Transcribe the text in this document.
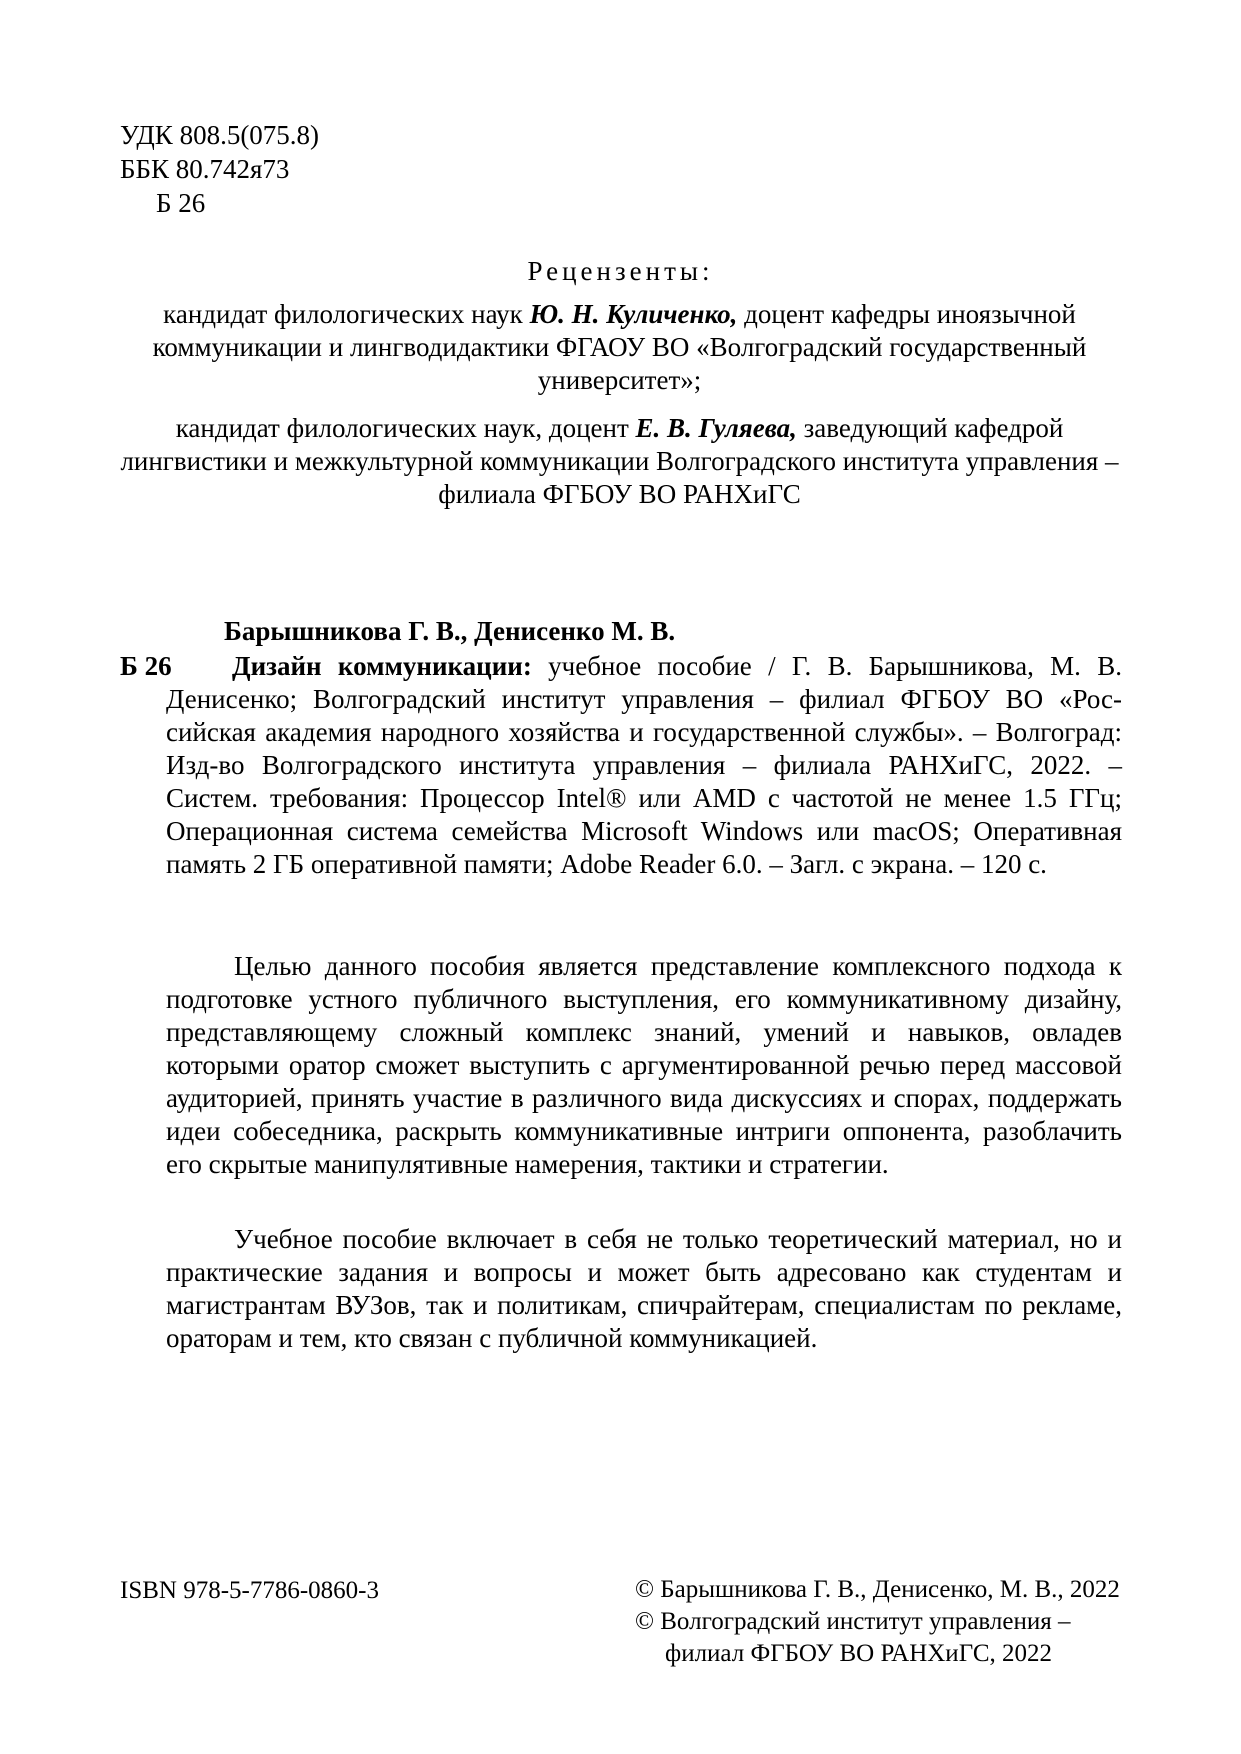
УДК 808.5(075.8)
ББК 80.742я73
Б 26
Рецензенты:
кандидат филологических наук Ю. Н. Куличенко, доцент кафедры иноязычной коммуникации и лингводидактики ФГАОУ ВО «Волгоградский государственный университет»;
кандидат филологических наук, доцент Е. В. Гуляева, заведующий кафедрой лингвистики и межкультурной коммуникации Волгоградского института управления – филиала ФГБОУ ВО РАНХиГС
Барышникова Г. В., Денисенко М. В.
Б 26	Дизайн коммуникации: учебное пособие / Г. В. Барышникова, М. В. Денисенко; Волгоградский институт управления – филиал ФГБОУ ВО «Российская академия народного хозяйства и государственной службы». – Волгоград: Изд-во Волгоградского института управления – филиала РАНХиГС, 2022. – Систем. требования: Процессор Intel® или AMD с частотой не менее 1.5 ГГц; Операционная система семейства Microsoft Windows или macOS; Оперативная память 2 ГБ оперативной памяти; Adobe Reader 6.0. – Загл. с экрана. – 120 с.
Целью данного пособия является представление комплексного подхода к подготовке устного публичного выступления, его коммуникативному дизайну, представляющему сложный комплекс знаний, умений и навыков, овладев которыми оратор сможет выступить с аргументированной речью перед массовой аудиторией, принять участие в различного вида дискуссиях и спорах, поддержать идеи собеседника, раскрыть коммуникативные интриги оппонента, разоблачить его скрытые манипулятивные намерения, тактики и стратегии.
Учебное пособие включает в себя не только теоретический материал, но и практические задания и вопросы и может быть адресовано как студентам и магистрантам ВУЗов, так и политикам, спичрайтерам, специалистам по рекламе, ораторам и тем, кто связан с публичной коммуникацией.
ISBN 978-5-7786-0860-3	© Барышникова Г. В., Денисенко, М. В., 2022
© Волгоградский институт управления –
филиал ФГБОУ ВО РАНХиГС, 2022
